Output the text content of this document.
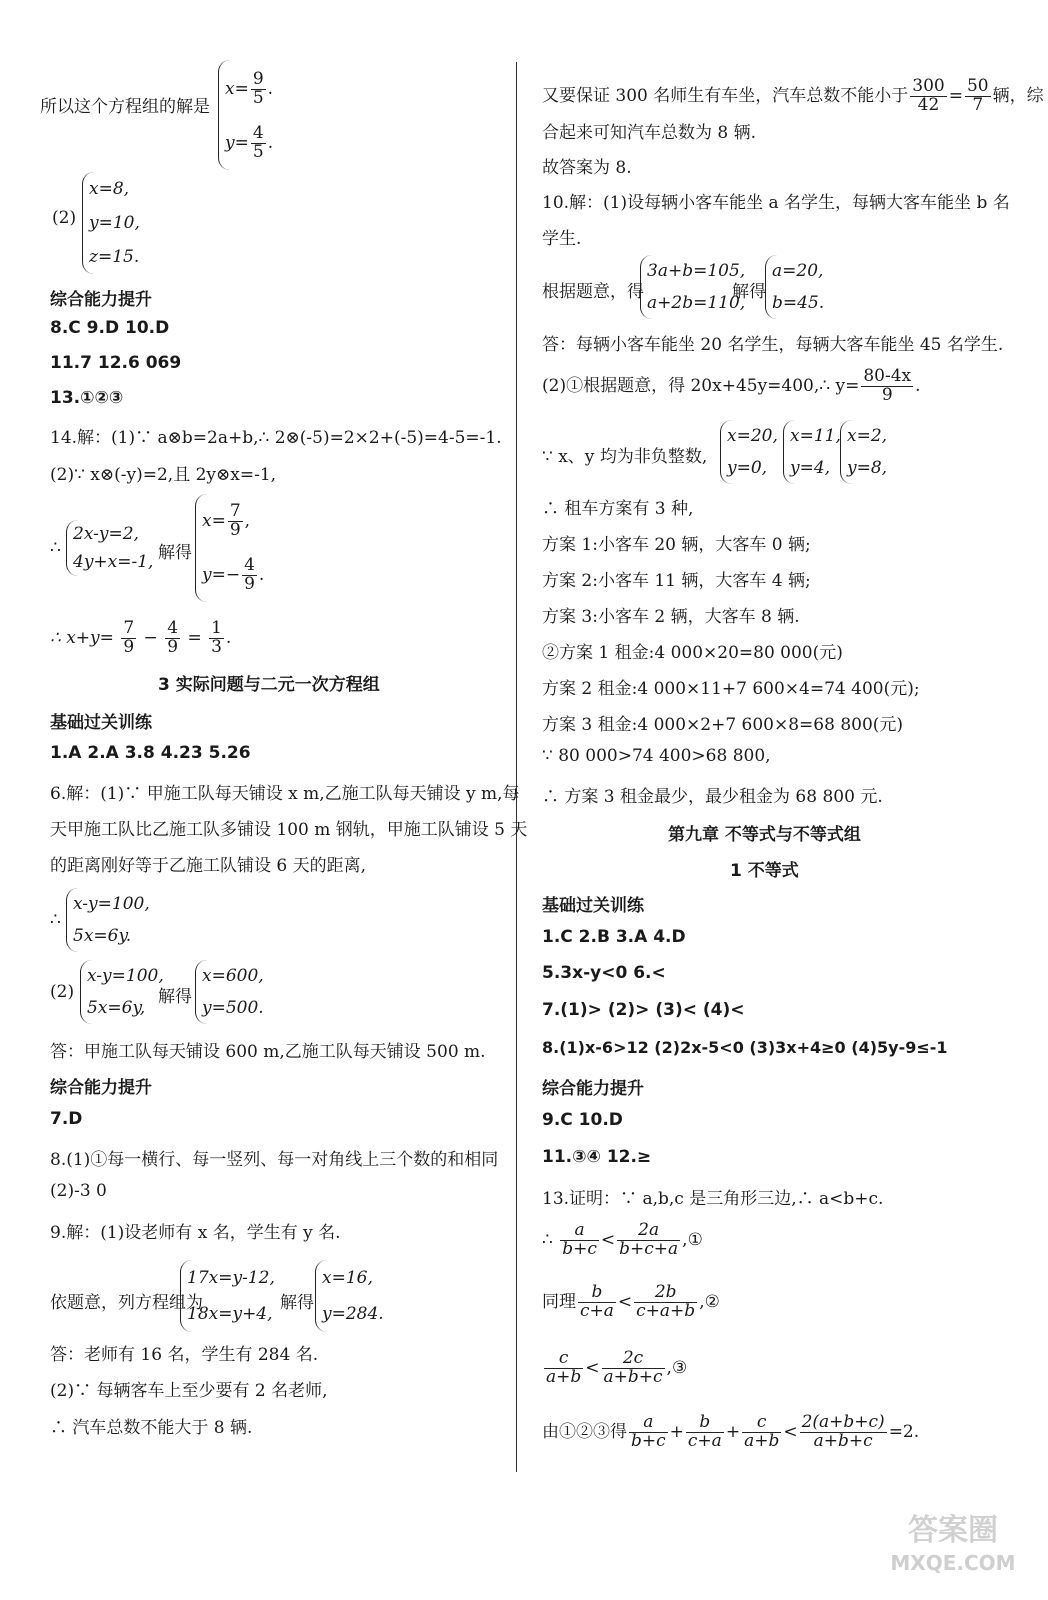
所以这个方程组的解是
$x= \frac{9}{5}$ .
$y= \frac{4}{5}$ .
(2)
x=8,
y=10,
z=15.
综合能力提升
8.C 9.D 10.D
11.7 12.6 069
13.①②③
14.解：(1)∵ a⊗b=2a+b,∴ 2⊗(-5)=2×2+(-5)=4-5=-1.
(2)∵ x⊗(-y)=2,且 2y⊗x=-1,
∴
2x-y=2,
4y+x=-1, 解得
$x= \frac{7}{9}$ ,
$y=- \frac{4}{9}$ .
∴ $x+y= \frac{7}{9} - \frac{4}{9} = \frac{1}{3}$ .
3 实际问题与二元一次方程组
基础过关训练
1.A 2.A 3.8 4.23 5.26
6.解：(1)∵ 甲施工队每天铺设 x m,乙施工队每天铺设 y m,每
天甲施工队比乙施工队多铺设 100 m 钢轨，甲施工队铺设 5 天
的距离刚好等于乙施工队铺设 6 天的距离,
∴
x-y=100,
5x=6y.
(2)
x-y=100,
5x=6y,
解得
x=600,
y=500.
答：甲施工队每天铺设 600 m,乙施工队每天铺设 500 m.
综合能力提升
7.D
8.(1)①每一横行、每一竖列、每一对角线上三个数的和相同
(2)-3 0
9.解：(1)设老师有 x 名，学生有 y 名.
依题意，列方程组为
17x=y-12,
18x=y+4,
解得
x=16,
y=284.
答：老师有 16 名，学生有 284 名.
(2)∵ 每辆客车上至少要有 2 名老师,
∴ 汽车总数不能大于 8 辆.
又要保证 300 名师生有车坐，汽车总数不能小于 $\frac{300}{42} = \frac{50}{7}$ 辆，综
合起来可知汽车总数为 8 辆.
故答案为 8.
10.解：(1)设每辆小客车能坐 a 名学生，每辆大客车能坐 b 名
学生.
根据题意，得
3a+b=105,
a+2b=110,
解得
a=20,
b=45.
答：每辆小客车能坐 20 名学生，每辆大客车能坐 45 名学生.
(2)①根据题意，得 20x+45y=400,∴ $y= \frac{80-4x}{9}$ .
∵ x、y 均为非负整数,
x=20,
y=0,
x=11,
y=4,
x=2,
y=8,
∴ 租车方案有 3 种,
方案 1:小客车 20 辆，大客车 0 辆;
方案 2:小客车 11 辆，大客车 4 辆;
方案 3:小客车 2 辆，大客车 8 辆.
②方案 1 租金:4 000×20=80 000(元)
方案 2 租金:4 000×11+7 600×4=74 400(元);
方案 3 租金:4 000×2+7 600×8=68 800(元)
∵ 80 000>74 400>68 800,
∴ 方案 3 租金最少，最少租金为 68 800 元.
第九章 不等式与不等式组
1 不等式
基础过关训练
1.C 2.B 3.A 4.D
5.3x-y<0 6.<
7.(1)> (2)> (3)< (4)<
8.(1)x-6>12 (2)2x-5<0 (3)3x+4≥0 (4)5y-9≤-1
综合能力提升
9.C 10.D
11.③④ 12.≥
13.证明：∵ a,b,c 是三角形三边,∴ a<b+c.
∴ $\frac{a}{b+c} < \frac{2a}{b+c+a}$ ,①
同理 $\frac{b}{c+a} < \frac{2b}{c+a+b}$ ,②
$\frac{c}{a+b} < \frac{2c}{a+b+c}$ ,③
由①②③得 $\frac{a}{b+c} + \frac{b}{c+a} + \frac{c}{a+b} < \frac{2(a+b+c)}{a+b+c} =2$.
答案圈
MXQE.COM
